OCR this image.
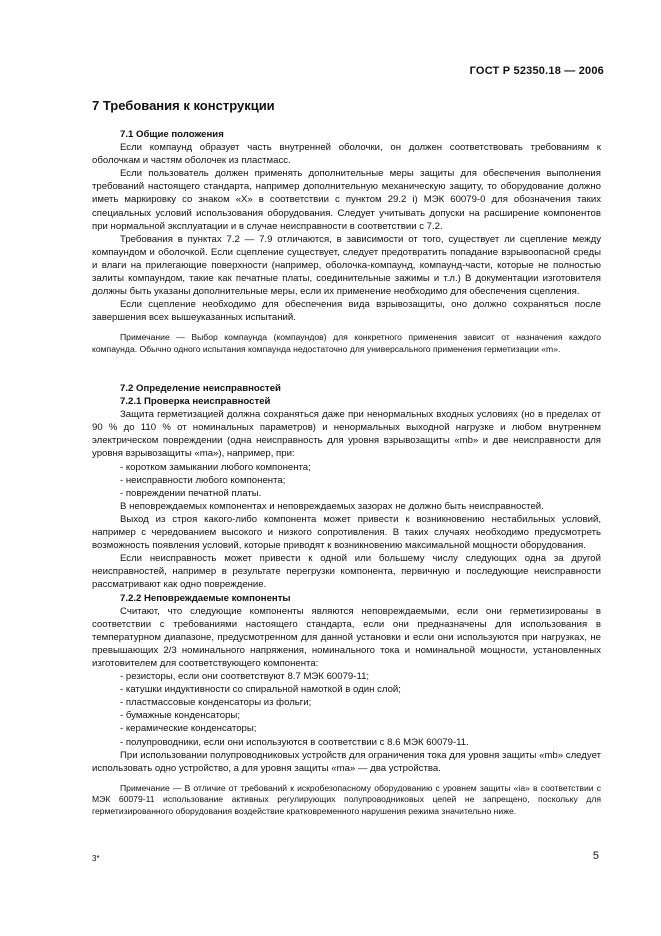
ГОСТ Р 52350.18 — 2006
7 Требования к конструкции

7.1 Общие положения

Если компаунд образует часть внутренней оболочки, он должен соответствовать требованиям к оболочкам и частям оболочек из пластмасс.

Если пользователь должен применять дополнительные меры защиты для обеспечения выполнения требований настоящего стандарта, например дополнительную механическую защиту, то оборудование должно иметь маркировку со знаком «Х» в соответствии с пунктом 29.2 i) МЭК 60079-0 для обозначения таких специальных условий использования оборудования. Следует учитывать допуски на расширение компонентов при нормальной эксплуатации и в случае неисправности в соответствии с 7.2.

Требования в пунктах 7.2 — 7.9 отличаются, в зависимости от того, существует ли сцепление между компаундом и оболочкой. Если сцепление существует, следует предотвратить попадание взрывоопасной среды и влаги на прилегающие поверхности (например, оболочка-компаунд, компаунд-части, которые не полностью залиты компаундом, такие как печатные платы, соединительные зажимы и т.л.) В документации изготовителя должны быть указаны дополнительные меры, если их применение необходимо для обеспечения сцепления.

Если сцепление необходимо для обеспечения вида взрывозащиты, оно должно сохраняться после завершения всех вышеуказанных испытаний.

Примечание — Выбор компаунда (компаундов) для конкретного применения зависит от назначения каждого компаунда. Обычно одного испытания компаунда недостаточно для универсального применения герметизации «m».

7.2 Определение неисправностей

7.2.1 Проверка неисправностей

Защита герметизацией должна сохраняться даже при ненормальных входных условиях (но в пределах от 90 % до 110 % от номинальных параметров) и ненормальных выходной нагрузке и любом внутреннем электрическом повреждении (одна неисправность для уровня взрывозащиты «mb» и две неисправности для уровня взрывозащиты «ma»), например, при:

- коротком замыкании любого компонента;
- неисправности любого компонента;
- повреждении печатной платы.

В неповреждаемых компонентах и неповреждаемых зазорах не должно быть неисправностей.

Выход из строя какого-либо компонента может привести к возникновению нестабильных условий, например с чередованием высокого и низкого сопротивления. В таких случаях необходимо предусмотреть возможность появления условий, которые приводят к возникновению максимальной мощности оборудования.

Если неисправность может привести к одной или большему числу следующих одна за другой неисправностей, например в результате перегрузки компонента, первичную и последующие неисправности рассматривают как одно повреждение.

7.2.2 Неповреждаемые компоненты

Считают, что следующие компоненты являются неповреждаемыми, если они герметизированы в соответствии с требованиями настоящего стандарта, если они предназначены для использования в температурном диапазоне, предусмотренном для данной установки и если они используются при нагрузках, не превышающих 2/3 номинального напряжения, номинального тока и номинальной мощности, установленных изготовителем для соответствующего компонента:

- резисторы, если они соответствуют 8.7 МЭК 60079-11;
- катушки индуктивности со спиральной намоткой в один слой;
- пластмассовые конденсаторы из фольги;
- бумажные конденсаторы;
- керамические конденсаторы;
- полупроводники, если они используются в соответствии с 8.6 МЭК 60079-11.

При использовании полупроводниковых устройств для ограничения тока для уровня защиты «mb» следует использовать одно устройство, а для уровня защиты «ma» — два устройства.

Примечание — В отличие от требований к искробезопасному оборудованию с уровнем защиты «ia» в соответствии с МЭК 60079-11 использование активных регулирующих полупроводниковых цепей не запрещено, поскольку для герметизированного оборудования воздействие кратковременного нарушения режима значительно ниже.

3*	5
